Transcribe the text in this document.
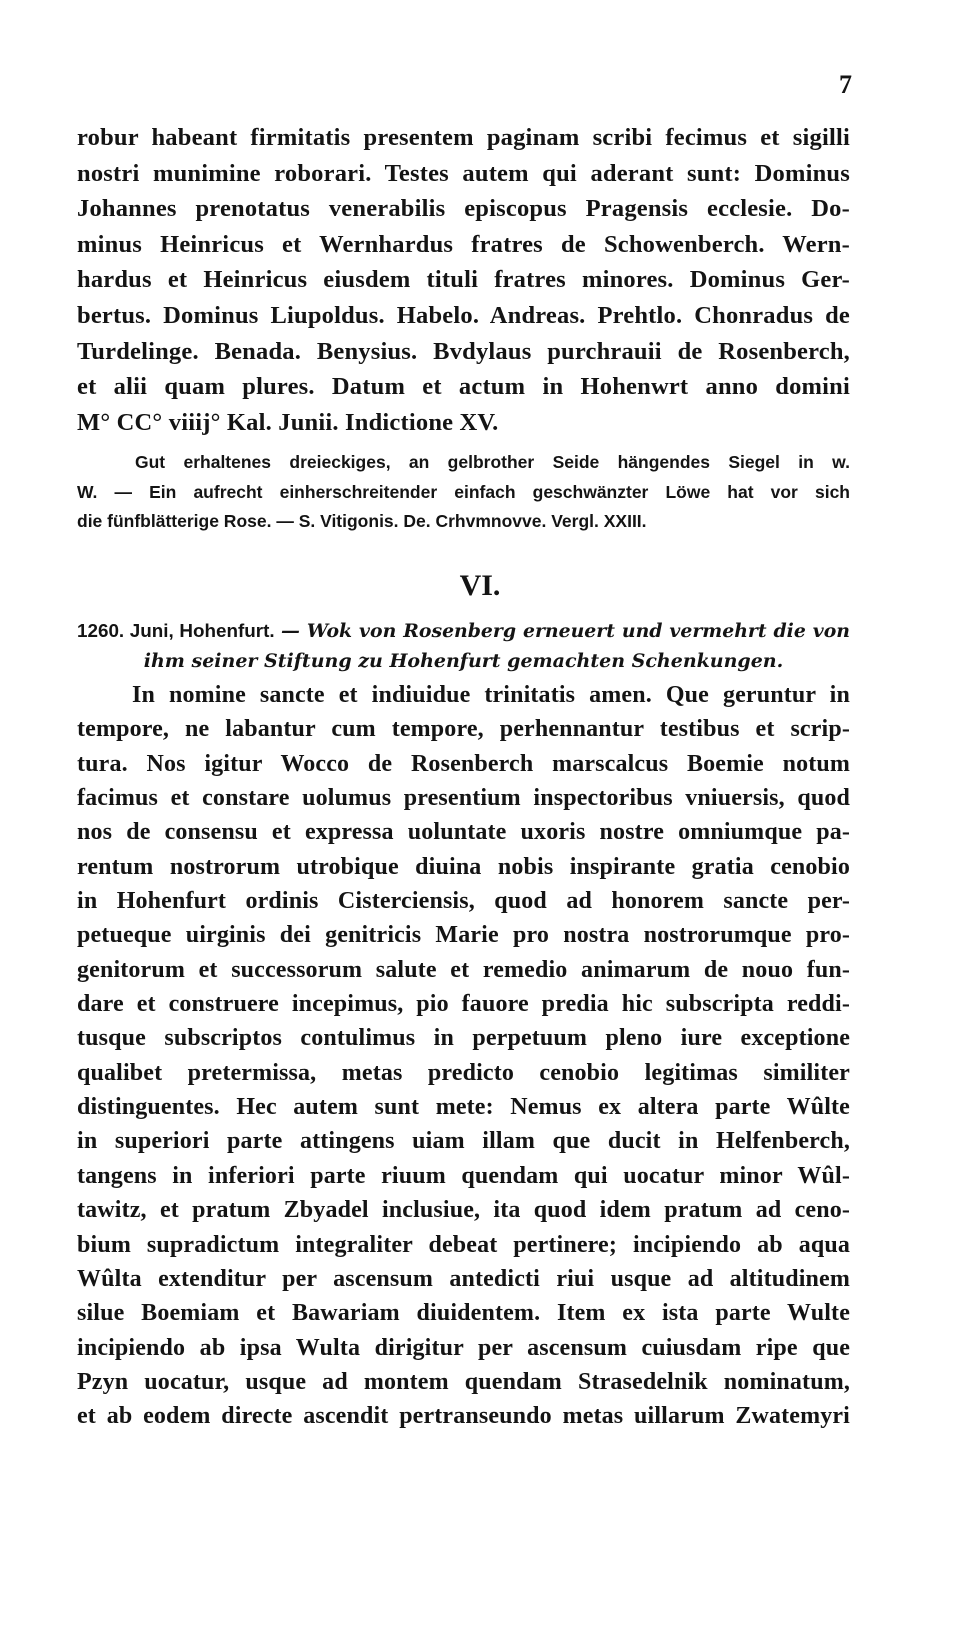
7
robur habeant firmitatis presentem paginam scribi fecimus et sigilli
nostri munimine roborari. Testes autem qui aderant sunt: Dominus
Johannes prenotatus venerabilis episcopus Pragensis ecclesie. Do-
minus Heinricus et Wernhardus fratres de Schowenberch. Wern-
hardus et Heinricus eiusdem tituli fratres minores. Dominus Ger-
bertus. Dominus Liupoldus. Habelo. Andreas. Prehtlo. Chonradus de
Turdelinge. Benada. Benysius. Bvdylaus purchrauii de Rosenberch,
et alii quam plures. Datum et actum in Hohenwrt anno domini
M° CC° viiij° Kal. Junii. Indictione XV.
Gut erhaltenes dreieckiges, an gelbrother Seide hängendes Siegel in w.
W. — Ein aufrecht einherschreitender einfach geschwänzter Löwe hat vor sich
die fünfblätterige Rose. — S. Vitigonis. De. Crhvmnovve. Vergl. XXIII.
VI.
1260. Juni, Hohenfurt. — Wok von Rosenberg erneuert und vermehrt die von
ihm seiner Stiftung zu Hohenfurt gemachten Schenkungen.
In nomine sancte et indiuidue trinitatis amen. Que geruntur in
tempore, ne labantur cum tempore, perhennantur testibus et scrip-
tura. Nos igitur Wocco de Rosenberch marscalcus Boemie notum
facimus et constare uolumus presentium inspectoribus vniuersis, quod
nos de consensu et expressa uoluntate uxoris nostre omniumque pa-
rentum nostrorum utrobique diuina nobis inspirante gratia cenobio
in Hohenfurt ordinis Cisterciensis, quod ad honorem sancte per-
petueque uirginis dei genitricis Marie pro nostra nostrorumque pro-
genitorum et successorum salute et remedio animarum de nouo fun-
dare et construere incepimus, pio fauore predia hic subscripta reddi-
tusque subscriptos contulimus in perpetuum pleno iure exceptione
qualibet pretermissa, metas predicto cenobio legitimas similiter
distinguentes. Hec autem sunt mete: Nemus ex altera parte Wûlte
in superiori parte attingens uiam illam que ducit in Helfenberch,
tangens in inferiori parte riuum quendam qui uocatur minor Wûl-
tawitz, et pratum Zbyadel inclusiue, ita quod idem pratum ad ceno-
bium supradictum integraliter debeat pertinere; incipiendo ab aqua
Wûlta extenditur per ascensum antedicti riui usque ad altitudinem
silue Boemiam et Bawariam diuidentem. Item ex ista parte Wulte
incipiendo ab ipsa Wulta dirigitur per ascensum cuiusdam ripe que
Pzyn uocatur, usque ad montem quendam Strasedelnik nominatum,
et ab eodem directe ascendit pertranseundo metas uillarum Zwatemyri
